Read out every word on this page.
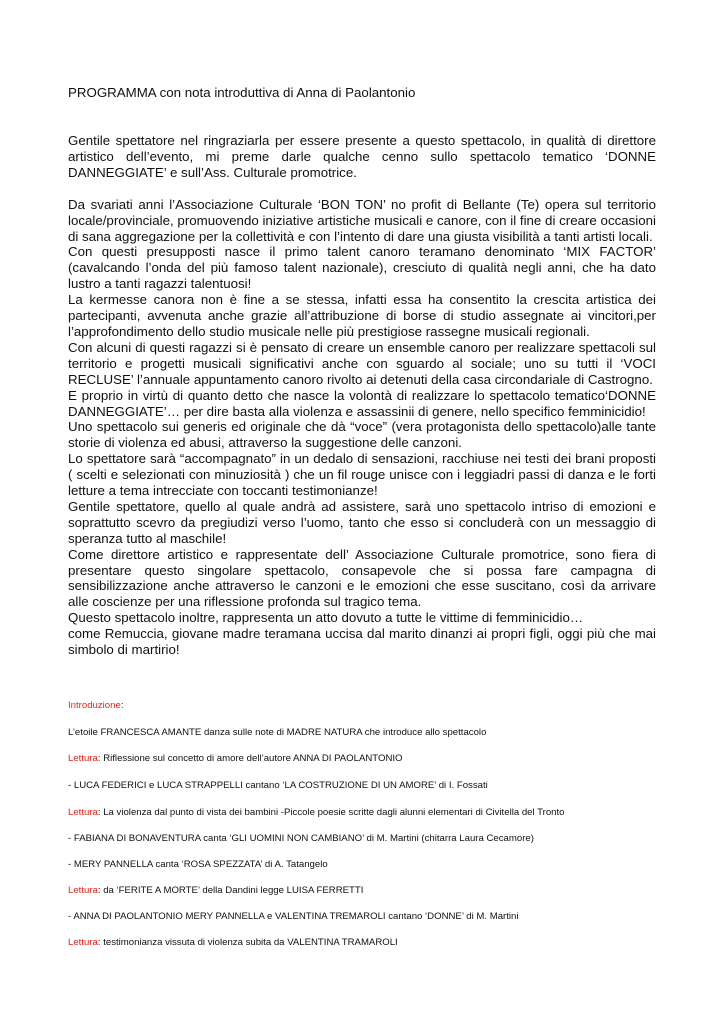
PROGRAMMA con nota introduttiva di Anna di Paolantonio

Gentile spettatore nel ringraziarla per essere presente a questo spettacolo, in qualità di direttore artistico dell’evento, mi preme darle qualche cenno sullo spettacolo tematico ‘DONNE DANNEGGIATE’ e sull’Ass. Culturale promotrice.

Da svariati anni l’Associazione Culturale ‘BON TON’ no profit di Bellante (Te) opera sul territorio locale/provinciale, promuovendo iniziative artistiche musicali e canore, con il fine di creare occasioni di sana aggregazione per la collettività e con l’intento di dare una giusta visibilità a tanti artisti locali.

Con questi presupposti nasce il primo talent canoro teramano denominato ‘MIX FACTOR’ (cavalcando l’onda del più famoso talent nazionale), cresciuto di qualità negli anni, che ha dato lustro a tanti ragazzi talentuosi!

La kermesse canora non è fine a se stessa, infatti essa ha consentito la crescita artistica dei partecipanti, avvenuta anche grazie all’attribuzione di borse di studio assegnate ai vincitori,per l’approfondimento dello studio musicale nelle più prestigiose rassegne musicali regionali.

Con alcuni di questi ragazzi si è pensato di creare un ensemble canoro per realizzare spettacoli sul territorio e progetti musicali significativi anche con sguardo al sociale; uno su tutti il ‘VOCI RECLUSE’ l’annuale appuntamento canoro rivolto ai detenuti della casa circondariale di Castrogno.

E proprio in virtù di quanto detto che nasce la volontà di realizzare lo spettacolo tematico‘DONNE DANNEGGIATE’… per dire basta alla violenza e assassinii di genere, nello specifico femminicidio!

Uno spettacolo sui generis ed originale che dà “voce” (vera protagonista dello spettacolo)alle tante storie di violenza ed abusi, attraverso la suggestione delle canzoni.

Lo spettatore sarà “accompagnato” in un dedalo di sensazioni, racchiuse nei testi dei brani proposti ( scelti e selezionati con minuziosità ) che un fil rouge unisce con i leggiadri passi di danza e le forti letture a tema intrecciate con toccanti testimonianze!

Gentile spettatore, quello al quale andrà ad assistere, sarà uno spettacolo intriso di emozioni e soprattutto scevro da pregiudizi verso l’uomo, tanto che esso si concluderà con un messaggio di speranza tutto al maschile!

Come direttore artistico e rappresentate dell’ Associazione Culturale promotrice, sono fiera di presentare questo singolare spettacolo, consapevole che si possa fare campagna di sensibilizzazione anche attraverso le canzoni e le emozioni che esse suscitano, così da arrivare alle coscienze per una riflessione profonda sul tragico tema.

Questo spettacolo inoltre, rappresenta un atto dovuto a tutte le vittime di femminicidio…

come Remuccia, giovane madre teramana uccisa dal marito dinanzi ai propri figli, oggi più che mai simbolo di martirio!

Introduzione:
L’etoile FRANCESCA AMANTE danza sulle note di MADRE NATURA che introduce allo spettacolo
Lettura: Riflessione sul concetto di amore dell’autore ANNA DI PAOLANTONIO
- LUCA FEDERICI e LUCA STRAPPELLI cantano ‘LA COSTRUZIONE DI UN AMORE’ di I. Fossati
Lettura: La violenza dal punto di vista dei bambini -Piccole poesie scritte dagli alunni elementari di Civitella del Tronto
- FABIANA DI BONAVENTURA canta ‘GLI UOMINI NON CAMBIANO’ di M. Martini (chitarra Laura Cecamore)
- MERY PANNELLA canta ‘ROSA SPEZZATA’ di A. Tatangelo
Lettura: da ‘FERITE A MORTE’ della Dandini legge LUISA FERRETTI
- ANNA DI PAOLANTONIO MERY PANNELLA e VALENTINA TREMAROLI cantano ‘DONNE’ di M. Martini
Lettura: testimonianza vissuta di violenza subita da VALENTINA TRAMAROLI
